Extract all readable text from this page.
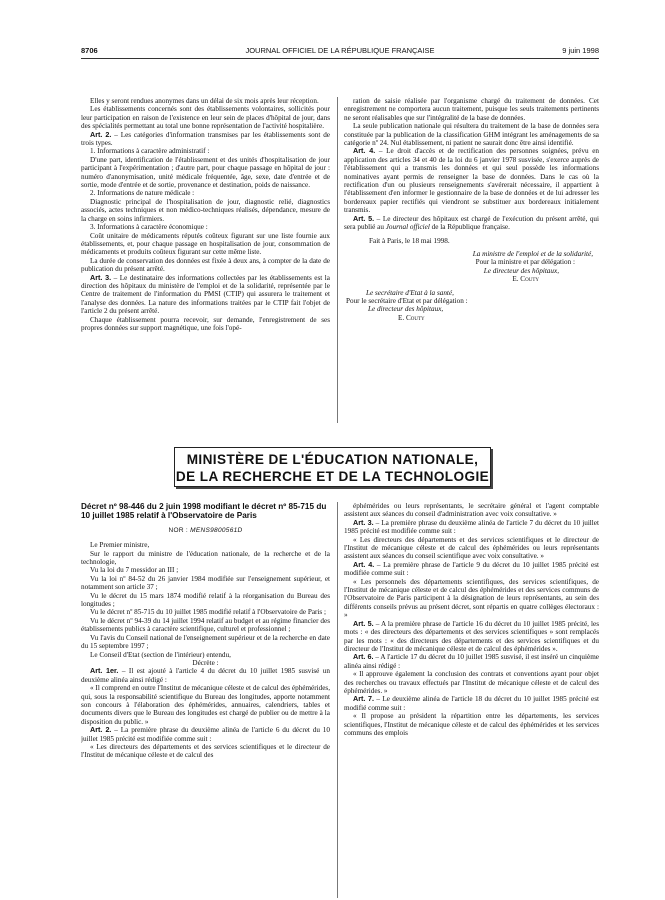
8706	JOURNAL OFFICIEL DE LA RÉPUBLIQUE FRANÇAISE	9 juin 1998

Elles y seront rendues anonymes dans un délai de six mois après leur réception.

Les établissements concernés sont des établissements volontaires, sollicités pour leur participation en raison de l'existence en leur sein de places d'hôpital de jour, dans des spécialités permettant au total une bonne représentation de l'activité hospitalière.

Art. 2. – Les catégories d'information transmises par les établissements sont de trois types.

1. Informations à caractère administratif :

D'une part, identification de l'établissement et des unités d'hospitalisation de jour participant à l'expérimentation ; d'autre part, pour chaque passage en hôpital de jour : numéro d'anonymisation, unité médicale fréquentée, âge, sexe, date d'entrée et de sortie, mode d'entrée et de sortie, provenance et destination, poids de naissance.

2. Informations de nature médicale :

Diagnostic principal de l'hospitalisation de jour, diagnostic relié, diagnostics associés, actes techniques et non médico-techniques réalisés, dépendance, mesure de la charge en soins infirmiers.

3. Informations à caractère économique :

Coût unitaire de médicaments réputés coûteux figurant sur une liste fournie aux établissements, et, pour chaque passage en hospitalisation de jour, consommation de médicaments et produits coûteux figurant sur cette même liste.

La durée de conservation des données est fixée à deux ans, à compter de la date de publication du présent arrêté.

Art. 3. – Le destinataire des informations collectées par les établissements est la direction des hôpitaux du ministère de l'emploi et de la solidarité, représentée par le Centre de traitement de l'information du PMSI (CTIP) qui assurera le traitement et l'analyse des données. La nature des informations traitées par le CTIP fait l'objet de l'article 2 du présent arrêté.

Chaque établissement pourra recevoir, sur demande, l'enregistrement de ses propres données sur support magnétique, une fois l'opé-

ration de saisie réalisée par l'organisme chargé du traitement de données. Cet enregistrement ne comportera aucun traitement, puisque les seuls traitements pertinents ne seront réalisables que sur l'intégralité de la base de données.

La seule publication nationale qui résultera du traitement de la base de données sera constituée par la publication de la classification GHM intégrant les aménagements de sa catégorie nº 24. Nul établissement, ni patient ne saurait donc être ainsi identifié.

Art. 4. – Le droit d'accès et de rectification des personnes soignées, prévu en application des articles 34 et 40 de la loi du 6 janvier 1978 susvisée, s'exerce auprès de l'établissement qui a transmis les données et qui seul possède les informations nominatives ayant permis de renseigner la base de données. Dans le cas où la rectification d'un ou plusieurs renseignements s'avérerait nécessaire, il appartient à l'établissement d'en informer le gestionnaire de la base de données et de lui adresser les bordereaux papier rectifiés qui viendront se substituer aux bordereaux initialement transmis.

Art. 5. – Le directeur des hôpitaux est chargé de l'exécution du présent arrêté, qui sera publié au Journal officiel de la République française.

Fait à Paris, le 18 mai 1998.

La ministre de l'emploi et de la solidarité,

Pour la ministre et par délégation :

Le directeur des hôpitaux,

E. Couty

Le secrétaire d'Etat à la santé,

Pour le secrétaire d'Etat et par délégation :

Le directeur des hôpitaux,

E. Couty

MINISTÈRE DE L'ÉDUCATION NATIONALE,
DE LA RECHERCHE ET DE LA TECHNOLOGIE
Décret nº 98-446 du 2 juin 1998 modifiant le décret nº 85-715 du 10 juillet 1985 relatif à l'Observatoire de Paris
NOR : MENS9800561D

Le Premier ministre,

Sur le rapport du ministre de l'éducation nationale, de la recherche et de la technologie,

Vu la loi du 7 messidor an III ;

Vu la loi nº 84-52 du 26 janvier 1984 modifiée sur l'enseignement supérieur, et notamment son article 37 ;

Vu le décret du 15 mars 1874 modifié relatif à la réorganisation du Bureau des longitudes ;

Vu le décret nº 85-715 du 10 juillet 1985 modifié relatif à l'Observatoire de Paris ;

Vu le décret nº 94-39 du 14 juillet 1994 relatif au budget et au régime financier des établissements publics à caractère scientifique, culturel et professionnel ;

Vu l'avis du Conseil national de l'enseignement supérieur et de la recherche en date du 15 septembre 1997 ;

Le Conseil d'Etat (section de l'intérieur) entendu,

Décrète :

Art. 1er. – Il est ajouté à l'article 4 du décret du 10 juillet 1985 susvisé un deuxième alinéa ainsi rédigé :

« Il comprend en outre l'Institut de mécanique céleste et de calcul des éphémérides, qui, sous la responsabilité scientifique du Bureau des longitudes, apporte notamment son concours à l'élaboration des éphémérides, annuaires, calendriers, tables et documents divers que le Bureau des longitudes est chargé de publier ou de mettre à la disposition du public. »

Art. 2. – La première phrase du deuxième alinéa de l'article 6 du décret du 10 juillet 1985 précité est modifiée comme suit :

« Les directeurs des départements et des services scientifiques et le directeur de l'Institut de mécanique céleste et de calcul des

éphémérides ou leurs représentants, le secrétaire général et l'agent comptable assistent aux séances du conseil d'administration avec voix consultative. »

Art. 3. – La première phrase du deuxième alinéa de l'article 7 du décret du 10 juillet 1985 précité est modifiée comme suit :

« Les directeurs des départements et des services scientifiques et le directeur de l'Institut de mécanique céleste et de calcul des éphémérides ou leurs représentants assistent aux séances du conseil scientifique avec voix consultative. »

Art. 4. – La première phrase de l'article 9 du décret du 10 juillet 1985 précité est modifiée comme suit :

« Les personnels des départements scientifiques, des services scientifiques, de l'Institut de mécanique céleste et de calcul des éphémérides et des services communs de l'Observatoire de Paris participent à la désignation de leurs représentants, au sein des différents conseils prévus au présent décret, sont répartis en quatre collèges électoraux : »

Art. 5. – A la première phrase de l'article 16 du décret du 10 juillet 1985 précité, les mots : « des directeurs des départements et des services scientifiques » sont remplacés par les mots : « des directeurs des départements et des services scientifiques et du directeur de l'Institut de mécanique céleste et de calcul des éphémérides ».

Art. 6. – A l'article 17 du décret du 10 juillet 1985 susvisé, il est inséré un cinquième alinéa ainsi rédigé :

« Il approuve également la conclusion des contrats et conventions ayant pour objet des recherches ou travaux effectués par l'Institut de mécanique céleste et de calcul des éphémérides. »

Art. 7. – Le deuxième alinéa de l'article 18 du décret du 10 juillet 1985 précité est modifié comme suit :

« Il propose au président la répartition entre les départements, les services scientifiques, l'Institut de mécanique céleste et de calcul des éphémérides et les services communs des emplois
